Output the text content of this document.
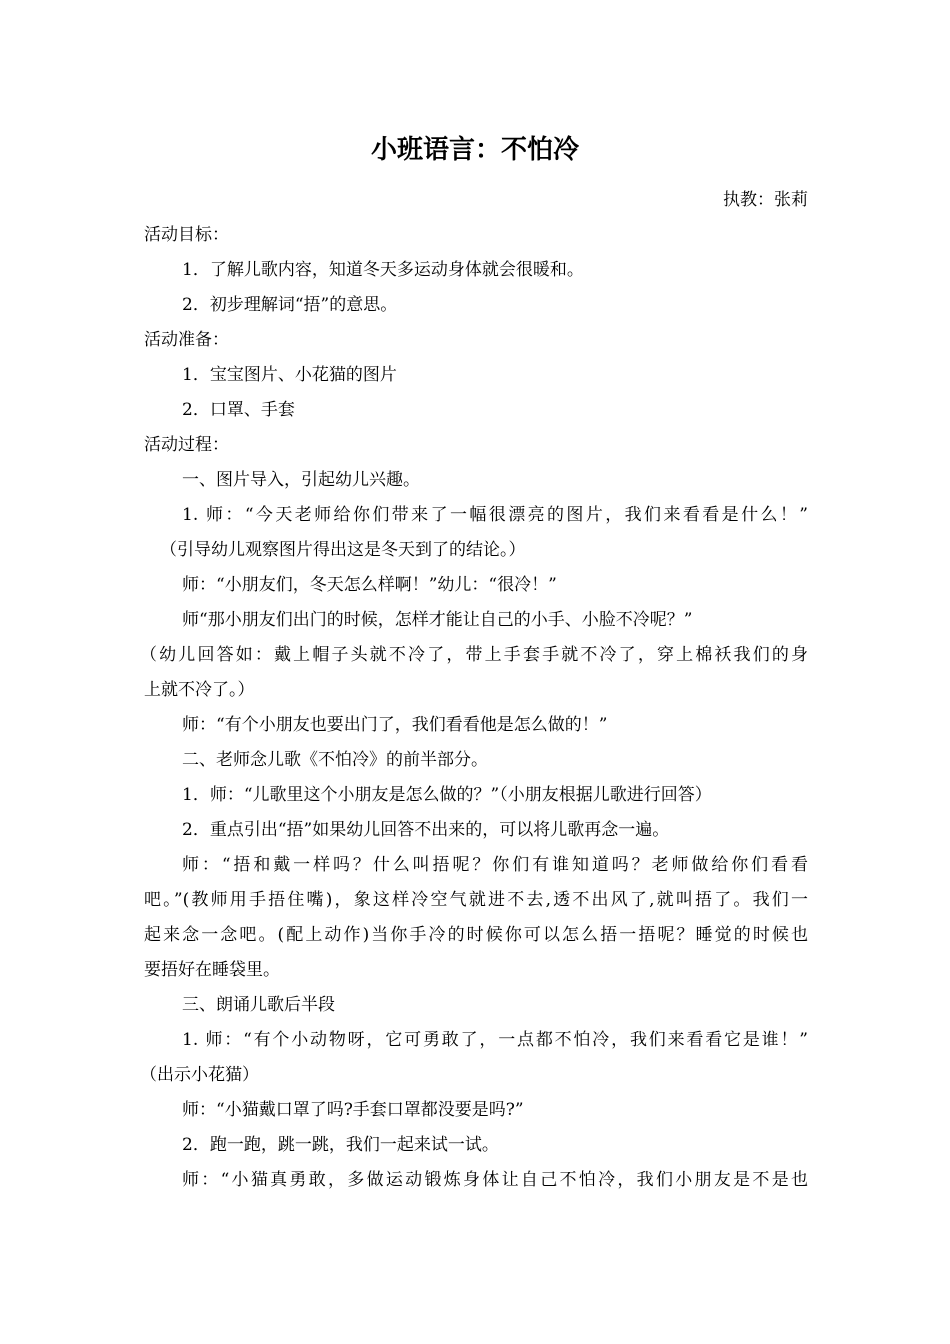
小班语言：不怕冷
执教：张莉
活动目标：
1．了解儿歌内容，知道冬天多运动身体就会很暖和。
2．初步理解词“捂”的意思。
活动准备：
1．宝宝图片、小花猫的图片
2．口罩、手套
活动过程：
一、图片导入，引起幼儿兴趣。
1. 师：“今天老师给你们带来了一幅很漂亮的图片，我们来看看是什么！”
（引导幼儿观察图片得出这是冬天到了的结论。）
师：“小朋友们，冬天怎么样啊！”幼儿：“很冷！”
师“那小朋友们出门的时候，怎样才能让自己的小手、小脸不冷呢？”
（幼儿回答如：戴上帽子头就不冷了，带上手套手就不冷了，穿上棉袄我们的身
上就不冷了。）
师：“有个小朋友也要出门了，我们看看他是怎么做的！”
二、老师念儿歌《不怕冷》的前半部分。
1．师：“儿歌里这个小朋友是怎么做的？”（小朋友根据儿歌进行回答）
2．重点引出“捂”如果幼儿回答不出来的，可以将儿歌再念一遍。
师：“捂和戴一样吗？什么叫捂呢？你们有谁知道吗？老师做给你们看看
吧。”(教师用手捂住嘴)，象这样冷空气就进不去,透不出风了,就叫捂了。我们一
起来念一念吧。(配上动作)当你手冷的时候你可以怎么捂一捂呢？睡觉的时候也
要捂好在睡袋里。
三、朗诵儿歌后半段
1. 师：“有个小动物呀，它可勇敢了，一点都不怕冷，我们来看看它是谁！”
（出示小花猫）
师：“小猫戴口罩了吗?手套口罩都没要是吗?”
2．跑一跑，跳一跳，我们一起来试一试。
师：“小猫真勇敢，多做运动锻炼身体让自己不怕冷，我们小朋友是不是也
